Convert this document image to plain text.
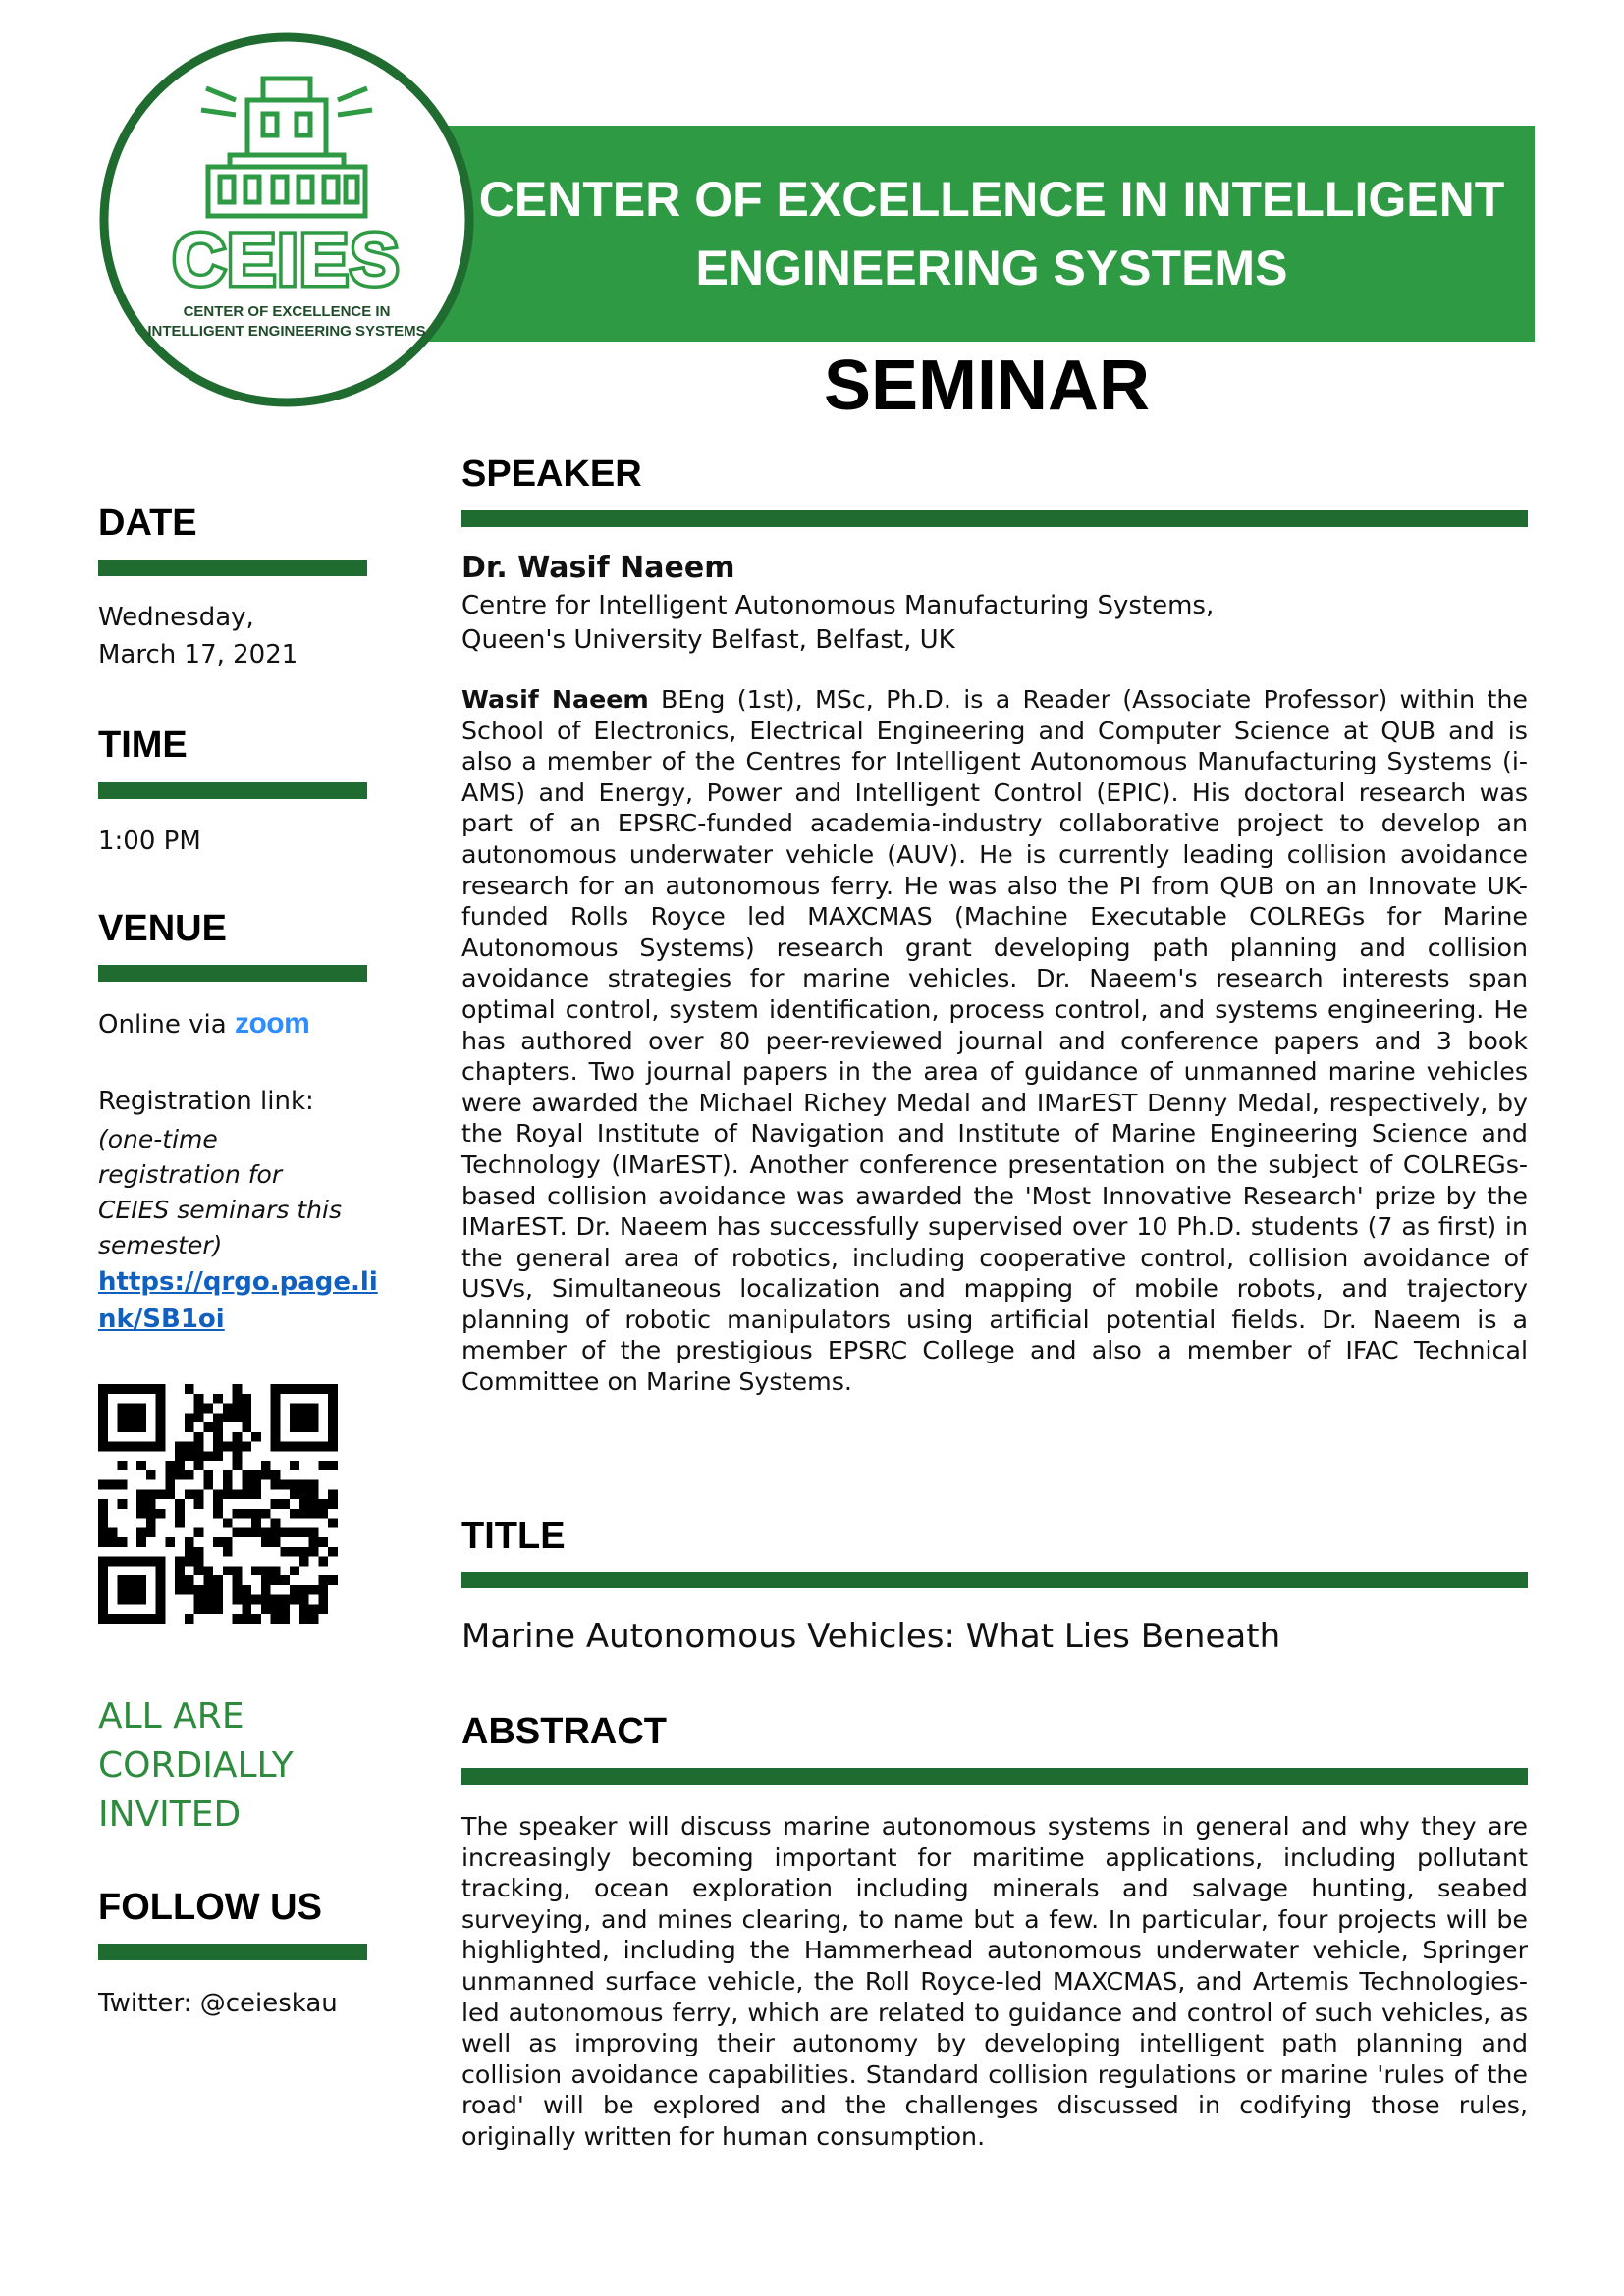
CENTER OF EXCELLENCE IN INTELLIGENT
ENGINEERING SYSTEMS
CEIES
CENTER OF EXCELLENCE IN
INTELLIGENT ENGINEERING SYSTEMS
SEMINAR
DATE
Wednesday,
March 17, 2021
TIME
1:00 PM
VENUE
Online via zoom
Registration link:
(one-time
registration for
CEIES seminars this
semester)
https://qrgo.page.li
nk/SB1oi
ALL ARE
CORDIALLY
INVITED
FOLLOW US
Twitter: @ceieskau
SPEAKER
Dr. Wasif Naeem
Centre for Intelligent Autonomous Manufacturing Systems,
Queen's University Belfast, Belfast, UK
Wasif Naeem BEng (1st), MSc, Ph.D. is a Reader (Associate Professor) within the School of Electronics, Electrical Engineering and Computer Science at QUB and is also a member of the Centres for Intelligent Autonomous Manufacturing Systems (i-AMS) and Energy, Power and Intelligent Control (EPIC). His doctoral research was part of an EPSRC-funded academia-industry collaborative project to develop an autonomous underwater vehicle (AUV). He is currently leading collision avoidance research for an autonomous ferry. He was also the PI from QUB on an Innovate UK-funded Rolls Royce led MAXCMAS (Machine Executable COLREGs for Marine Autonomous Systems) research grant developing path planning and collision avoidance strategies for marine vehicles. Dr. Naeem's research interests span optimal control, system identification, process control, and systems engineering. He has authored over 80 peer-reviewed journal and conference papers and 3 book chapters. Two journal papers in the area of guidance of unmanned marine vehicles were awarded the Michael Richey Medal and IMarEST Denny Medal, respectively, by the Royal Institute of Navigation and Institute of Marine Engineering Science and Technology (IMarEST). Another conference presentation on the subject of COLREGs-based collision avoidance was awarded the 'Most Innovative Research' prize by the IMarEST. Dr. Naeem has successfully supervised over 10 Ph.D. students (7 as first) in the general area of robotics, including cooperative control, collision avoidance of USVs, Simultaneous localization and mapping of mobile robots, and trajectory planning of robotic manipulators using artificial potential fields. Dr. Naeem is a member of the prestigious EPSRC College and also a member of IFAC Technical Committee on Marine Systems.
TITLE
Marine Autonomous Vehicles: What Lies Beneath
ABSTRACT
The speaker will discuss marine autonomous systems in general and why they are increasingly becoming important for maritime applications, including pollutant tracking, ocean exploration including minerals and salvage hunting, seabed surveying, and mines clearing, to name but a few. In particular, four projects will be highlighted, including the Hammerhead autonomous underwater vehicle, Springer unmanned surface vehicle, the Roll Royce-led MAXCMAS, and Artemis Technologies-led autonomous ferry, which are related to guidance and control of such vehicles, as well as improving their autonomy by developing intelligent path planning and collision avoidance capabilities. Standard collision regulations or marine 'rules of the road' will be explored and the challenges discussed in codifying those rules, originally written for human consumption.
